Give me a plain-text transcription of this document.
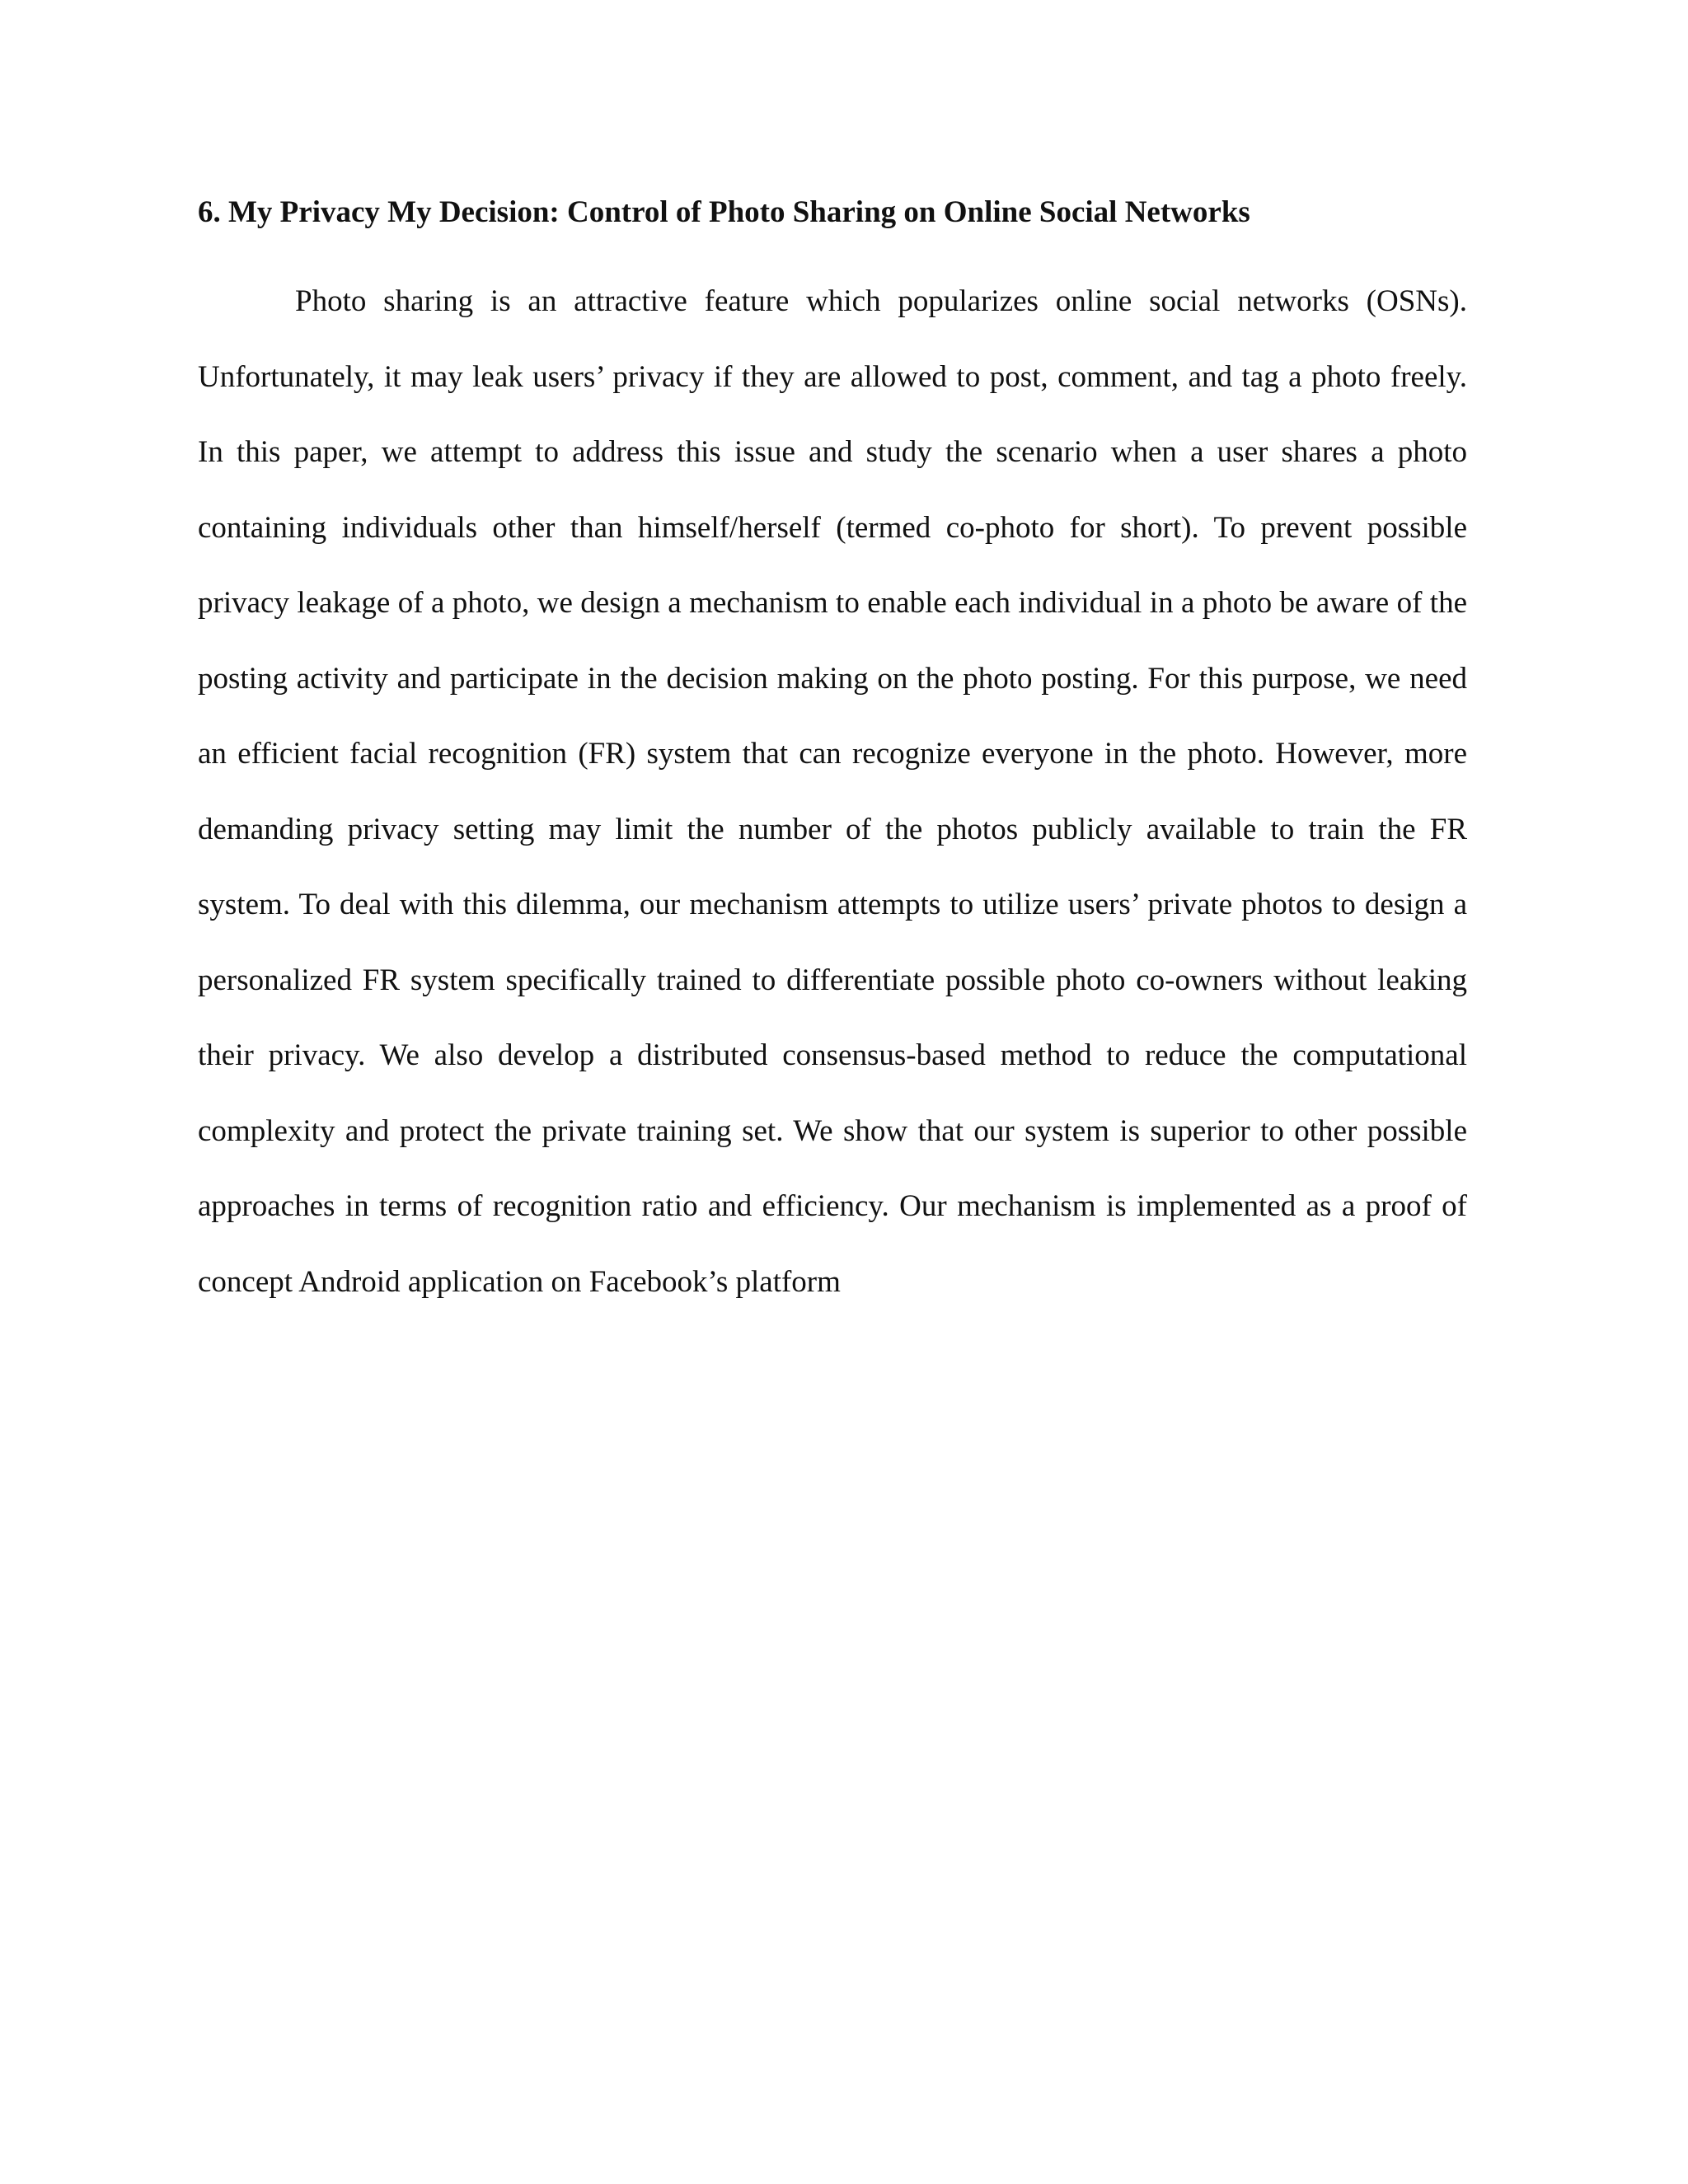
6. My Privacy My Decision: Control of Photo Sharing on Online Social Networks

Photo sharing is an attractive feature which popularizes online social networks (OSNs). Unfortunately, it may leak users’ privacy if they are allowed to post, comment, and tag a photo freely. In this paper, we attempt to address this issue and study the scenario when a user shares a photo containing individuals other than himself/herself (termed co-photo for short). To prevent possible privacy leakage of a photo, we design a mechanism to enable each individual in a photo be aware of the posting activity and participate in the decision making on the photo posting. For this purpose, we need an efficient facial recognition (FR) system that can recognize everyone in the photo. However, more demanding privacy setting may limit the number of the photos publicly available to train the FR system. To deal with this dilemma, our mechanism attempts to utilize users’ private photos to design a personalized FR system specifically trained to differentiate possible photo co-owners without leaking their privacy. We also develop a distributed consensus-based method to reduce the computational complexity and protect the private training set. We show that our system is superior to other possible approaches in terms of recognition ratio and efficiency. Our mechanism is implemented as a proof of concept Android application on Facebook’s platform
